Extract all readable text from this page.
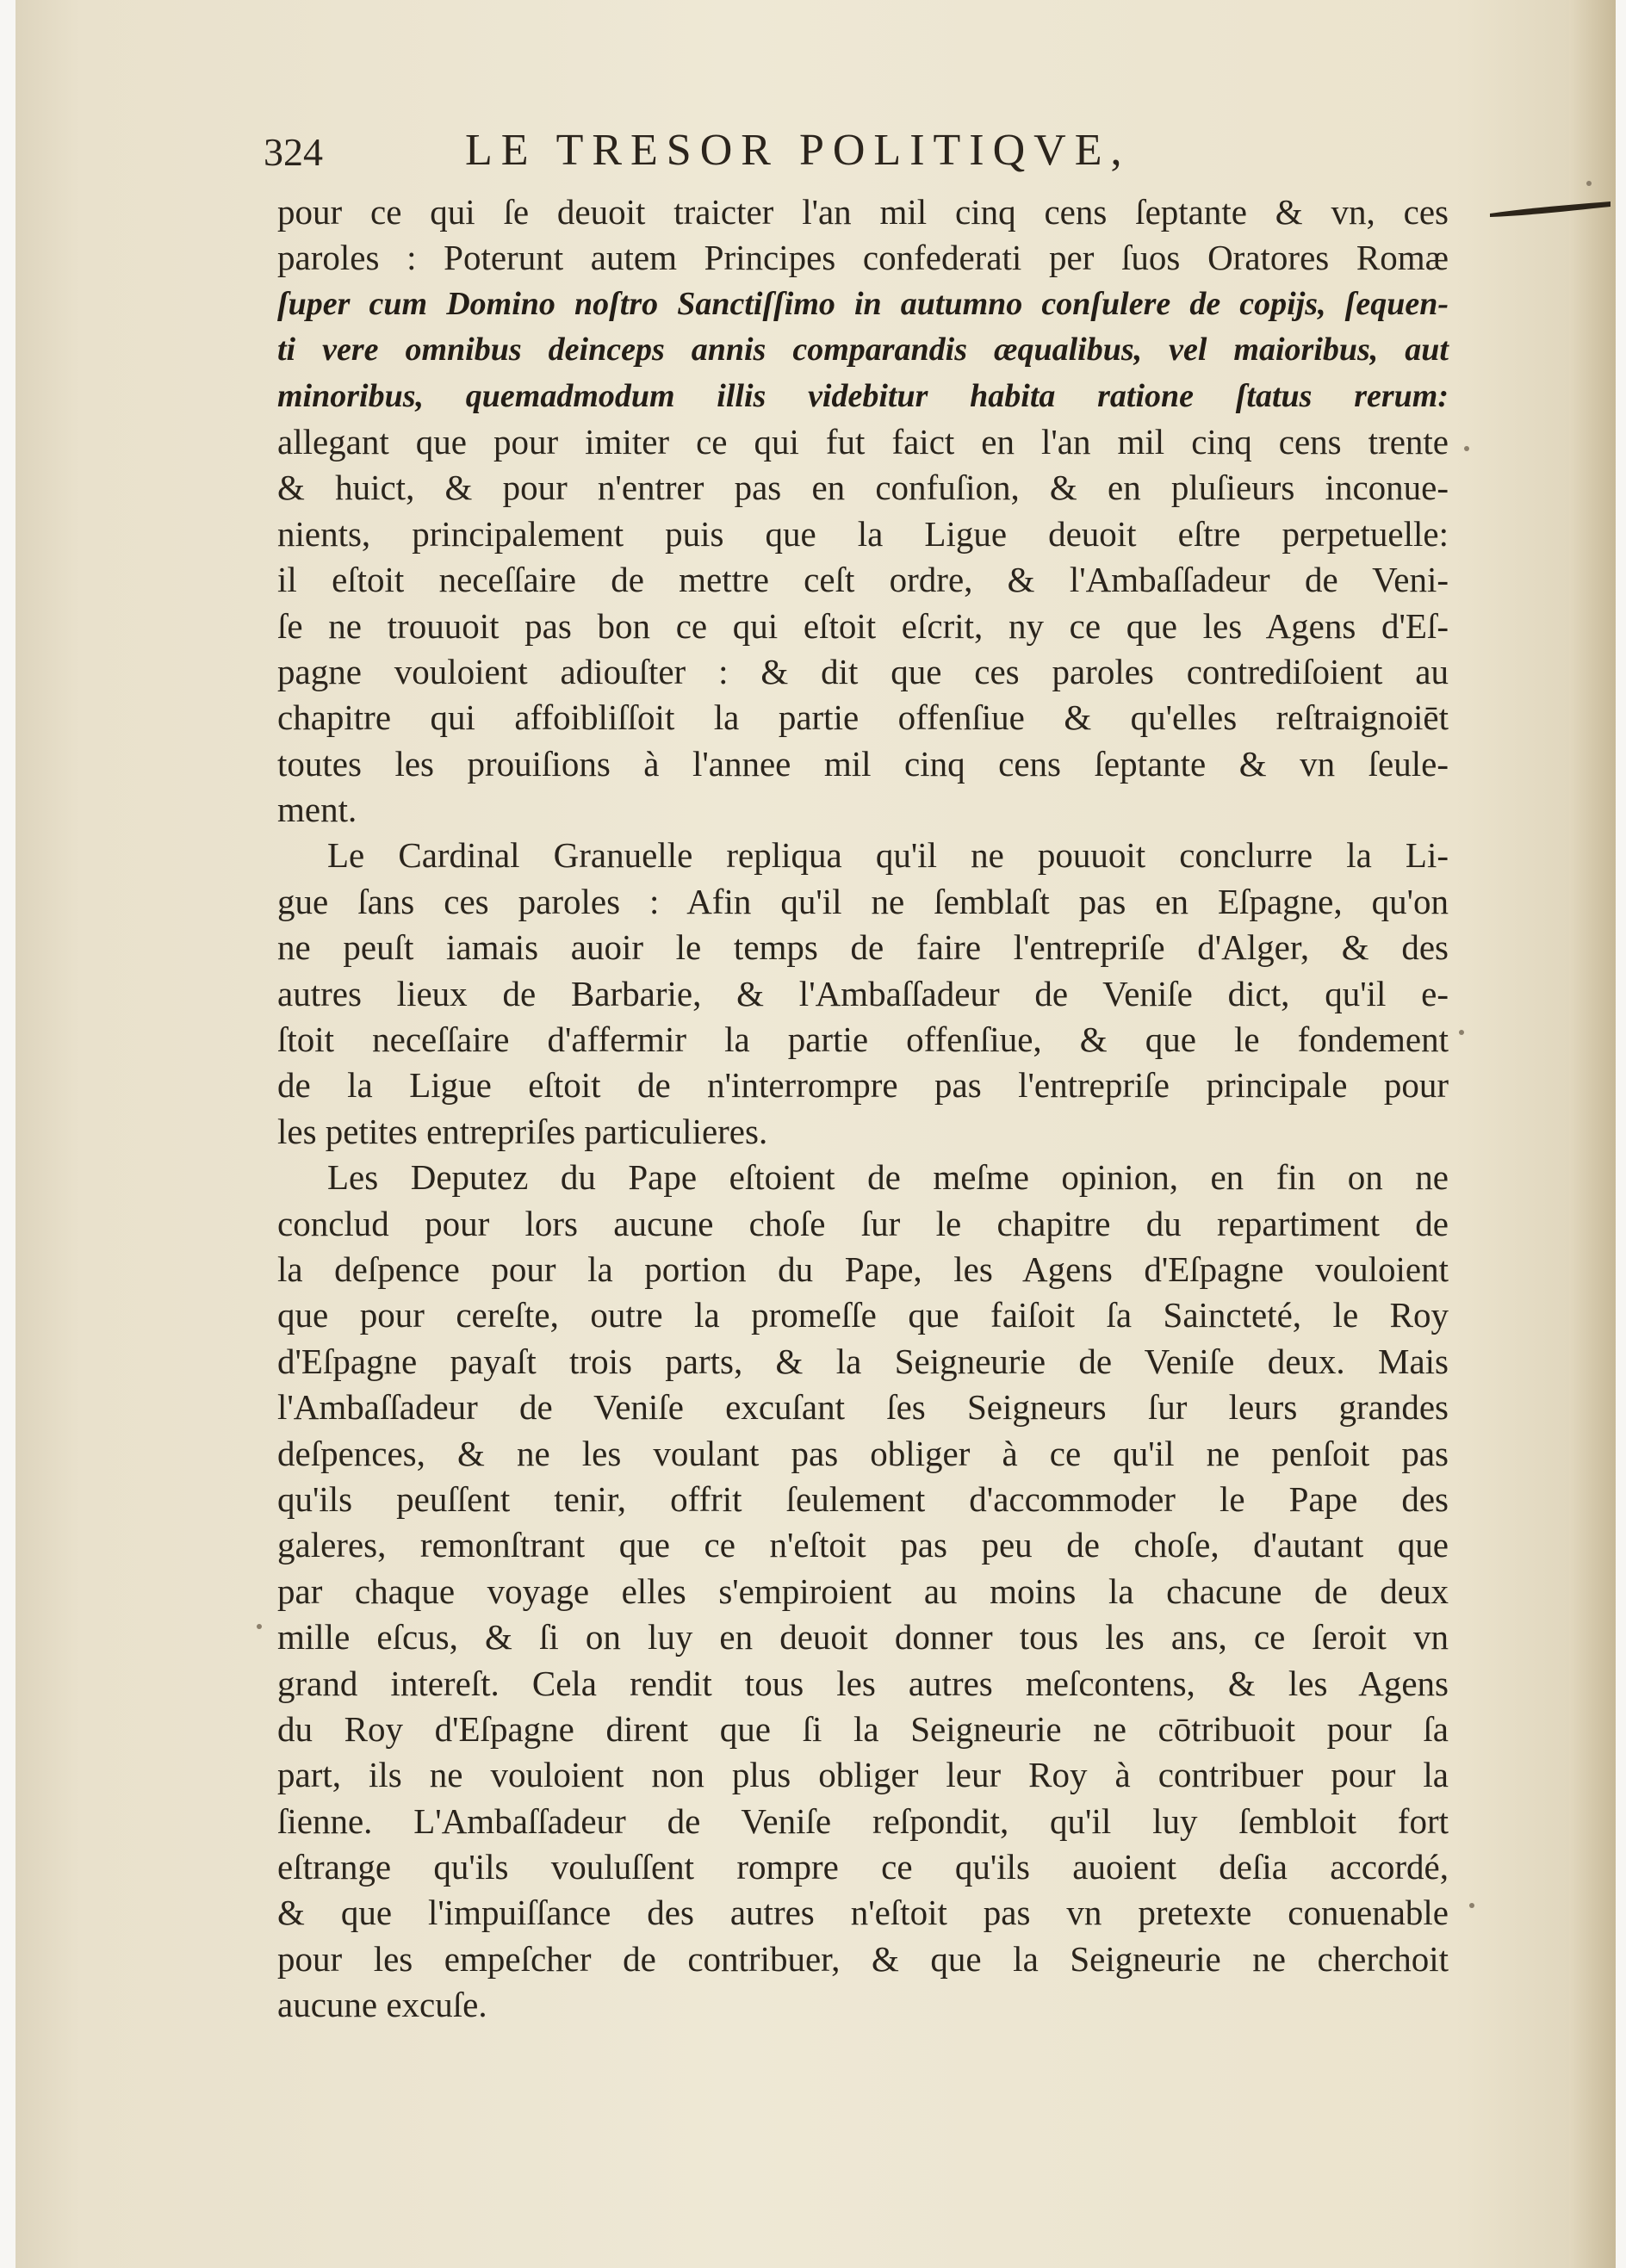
324	LE TRESOR POLITIQVE,
pour ce qui ſe deuoit traicter l'an mil cinq cens ſeptante & vn, ces
paroles : Poterunt autem Principes confederati per ſuos Oratores Romæ
ſuper cum Domino noſtro Sanctiſſimo in autumno conſulere de copijs, ſequen-
ti vere omnibus deinceps annis comparandis æqualibus, vel maioribus, aut
minoribus, quemadmodum illis videbitur habita ratione ſtatus rerum:
allegant que pour imiter ce qui fut faict en l'an mil cinq cens trente
& huict, & pour n'entrer pas en confuſion, & en pluſieurs inconue-
nients, principalement puis que la Ligue deuoit eſtre perpetuelle:
il eſtoit neceſſaire de mettre ceſt ordre, & l'Ambaſſadeur de Veni-
ſe ne trouuoit pas bon ce qui eſtoit eſcrit, ny ce que les Agens d'Eſ-
pagne vouloient adiouſter : & dit que ces paroles contrediſoient au
chapitre qui affoibliſſoit la partie offenſiue & qu'elles reſtraignoiēt
toutes les prouiſions à l'annee mil cinq cens ſeptante & vn ſeule-
ment.
Le Cardinal Granuelle repliqua qu'il ne pouuoit conclurre la Li-
gue ſans ces paroles : Afin qu'il ne ſemblaſt pas en Eſpagne, qu'on
ne peuſt iamais auoir le temps de faire l'entrepriſe d'Alger, & des
autres lieux de Barbarie, & l'Ambaſſadeur de Veniſe dict, qu'il e-
ſtoit neceſſaire d'affermir la partie offenſiue, & que le fondement
de la Ligue eſtoit de n'interrompre pas l'entrepriſe principale pour
les petites entrepriſes particulieres.
Les Deputez du Pape eſtoient de meſme opinion, en fin on ne
conclud pour lors aucune choſe ſur le chapitre du repartiment de
la deſpence pour la portion du Pape, les Agens d'Eſpagne vouloient
que pour cereſte, outre la promeſſe que faiſoit ſa Saincteté, le Roy
d'Eſpagne payaſt trois parts, & la Seigneurie de Veniſe deux. Mais
l'Ambaſſadeur de Veniſe excuſant ſes Seigneurs ſur leurs grandes
deſpences, & ne les voulant pas obliger à ce qu'il ne penſoit pas
qu'ils peuſſent tenir, offrit ſeulement d'accommoder le Pape des
galeres, remonſtrant que ce n'eſtoit pas peu de choſe, d'autant que
par chaque voyage elles s'empiroient au moins la chacune de deux
mille eſcus, & ſi on luy en deuoit donner tous les ans, ce ſeroit vn
grand intereſt. Cela rendit tous les autres meſcontens, & les Agens
du Roy d'Eſpagne dirent que ſi la Seigneurie ne cōtribuoit pour ſa
part, ils ne vouloient non plus obliger leur Roy à contribuer pour la
ſienne. L'Ambaſſadeur de Veniſe reſpondit, qu'il luy ſembloit fort
eſtrange qu'ils vouluſſent rompre ce qu'ils auoient deſia accordé,
& que l'impuiſſance des autres n'eſtoit pas vn pretexte conuenable
pour les empeſcher de contribuer, & que la Seigneurie ne cherchoit
aucune excuſe.
